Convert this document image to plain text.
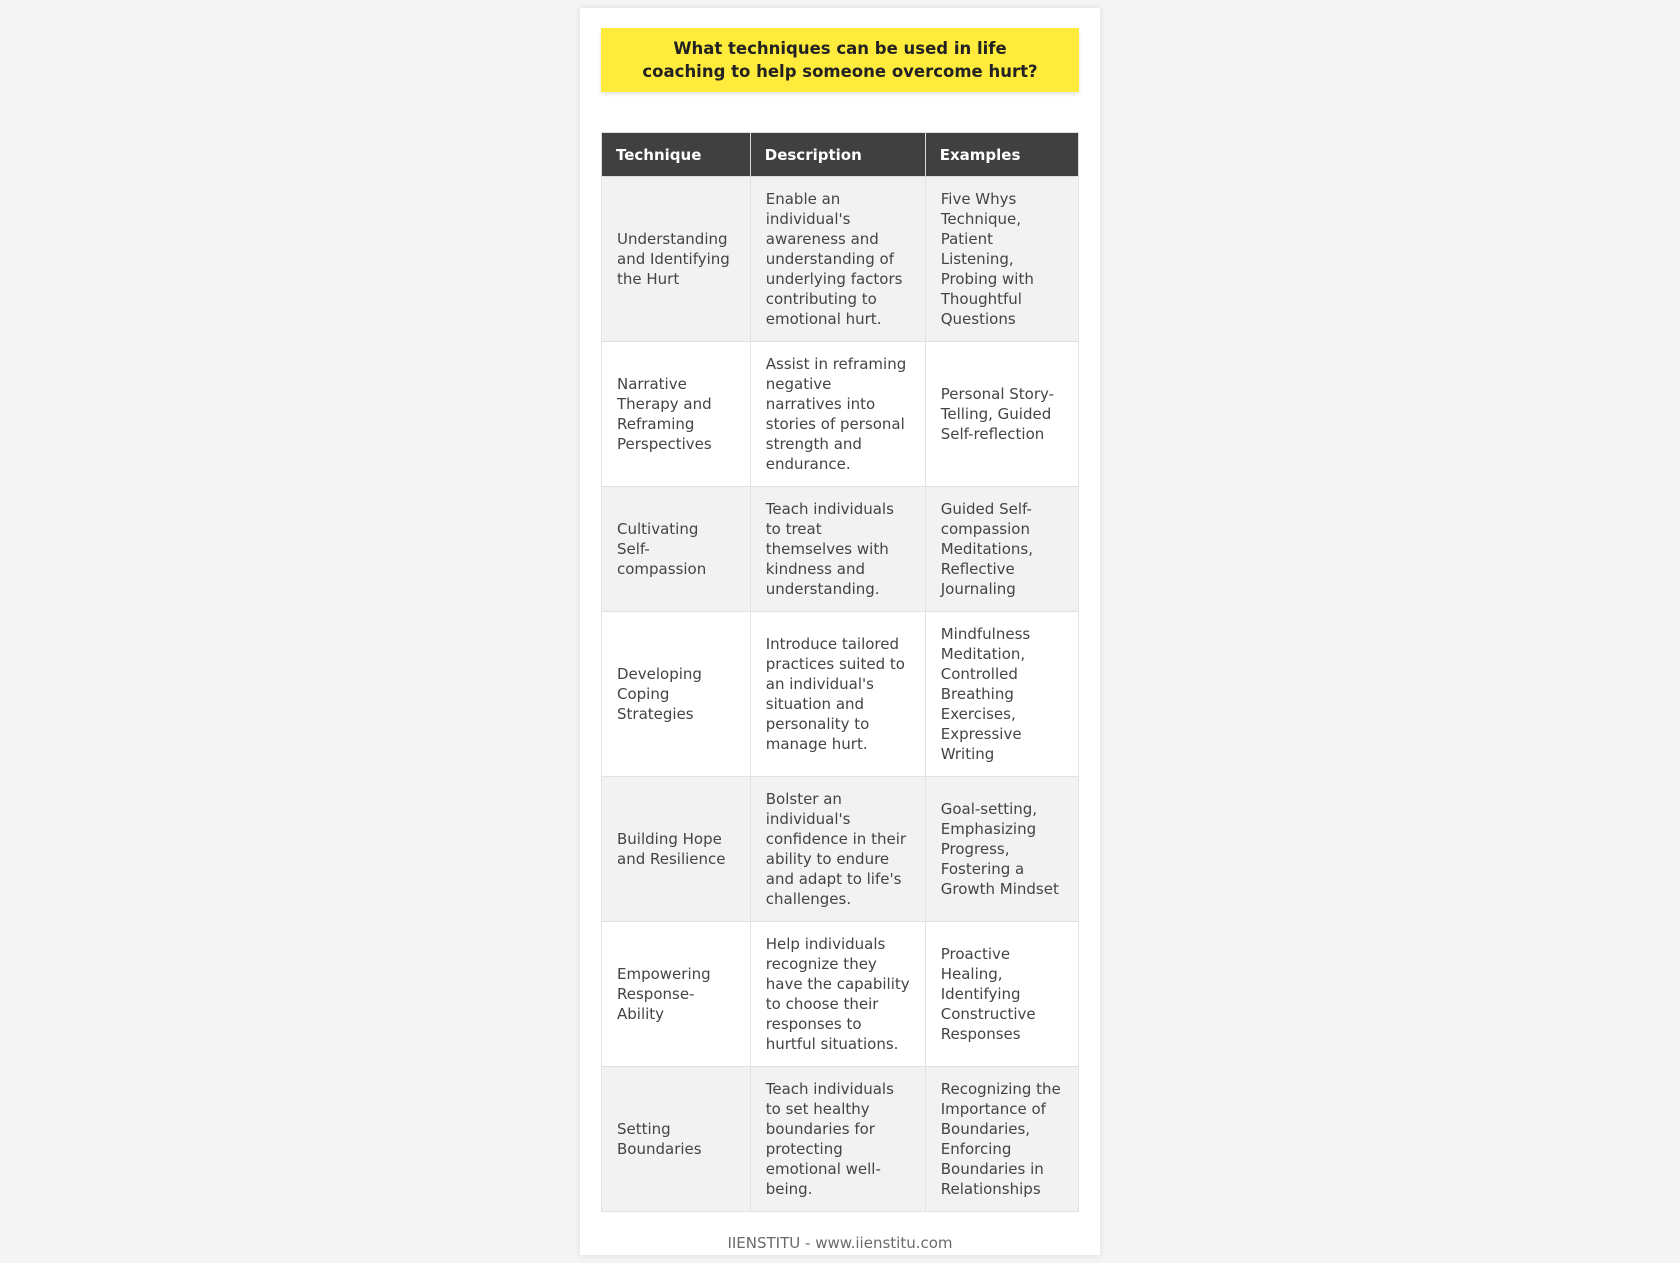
What techniques can be used in life coaching to help someone overcome hurt?
Technique	Description	Examples
Understanding and Identifying the Hurt	Enable an individual's awareness and understanding of underlying factors contributing to emotional hurt.	Five Whys Technique, Patient Listening, Probing with Thoughtful Questions
Narrative Therapy and Reframing Perspectives	Assist in reframing negative narratives into stories of personal strength and endurance.	Personal Story-Telling, Guided Self-reflection
Cultivating Self-compassion	Teach individuals to treat themselves with kindness and understanding.	Guided Self-compassion Meditations, Reflective Journaling
Developing Coping Strategies	Introduce tailored practices suited to an individual's situation and personality to manage hurt.	Mindfulness Meditation, Controlled Breathing Exercises, Expressive Writing
Building Hope and Resilience	Bolster an individual's confidence in their ability to endure and adapt to life's challenges.	Goal-setting, Emphasizing Progress, Fostering a Growth Mindset
Empowering Response-Ability	Help individuals recognize they have the capability to choose their responses to hurtful situations.	Proactive Healing, Identifying Constructive Responses
Setting Boundaries	Teach individuals to set healthy boundaries for protecting emotional well-being.	Recognizing the Importance of Boundaries, Enforcing Boundaries in Relationships
IIENSTITU - www.iienstitu.com
